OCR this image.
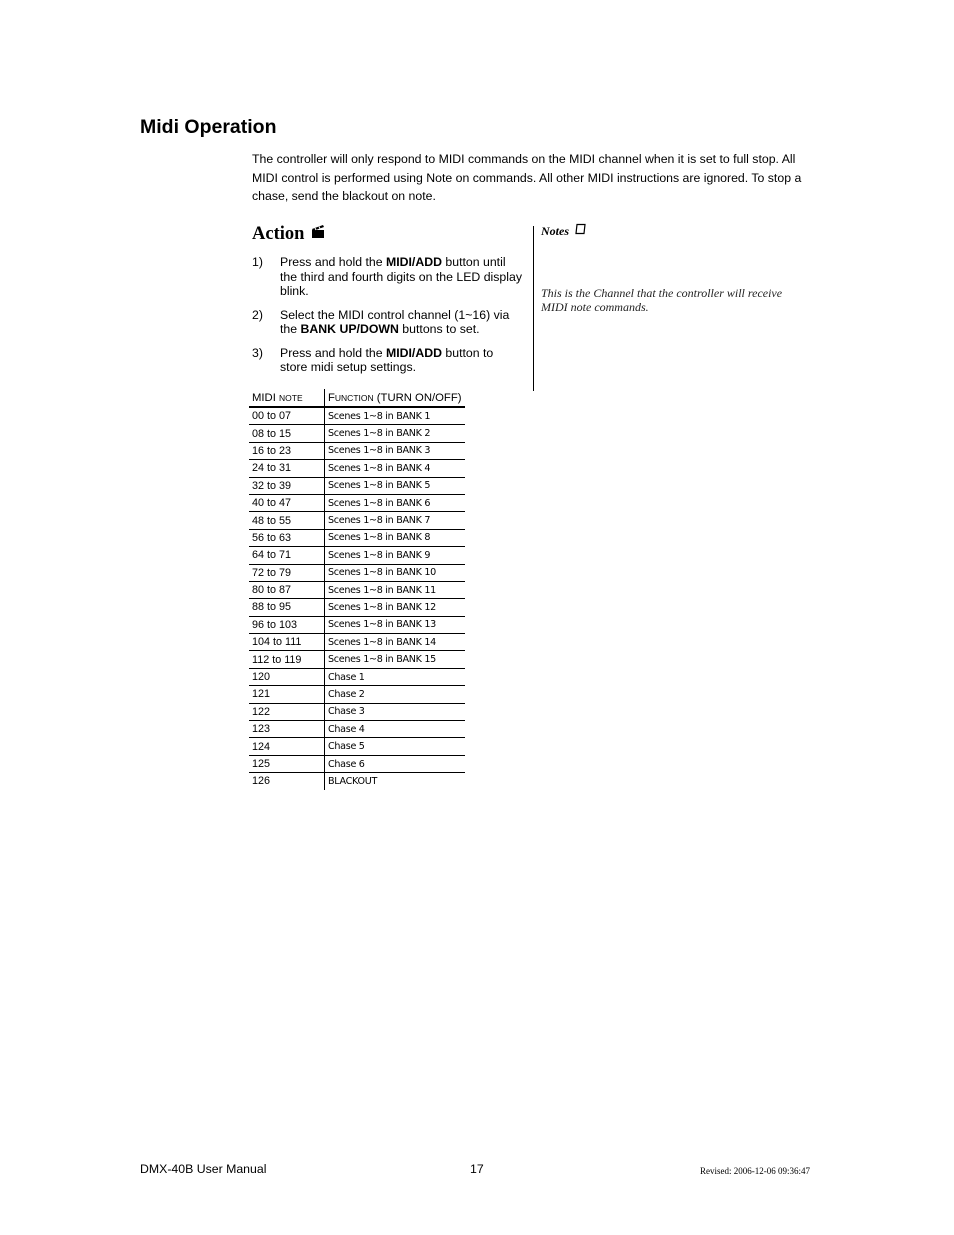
Midi Operation

The controller will only respond to MIDI commands on the MIDI channel when it is set to full stop. All MIDI control is performed using Note on commands. All other MIDI instructions are ignored. To stop a chase, send the blackout on note.

Action
1) Press and hold the MIDI/ADD button until the third and fourth digits on the LED display blink.
2) Select the MIDI control channel (1~16) via the BANK UP/DOWN buttons to set.
3) Press and hold the MIDI/ADD button to store midi setup settings.
Notes

This is the Channel that the controller will receive MIDI note commands.

MIDI NOTE	FUNCTION (TURN ON/OFF)
00 to 07	Scenes 1~8 in BANK 1
08 to 15	Scenes 1~8 in BANK 2
16 to 23	Scenes 1~8 in BANK 3
24 to 31	Scenes 1~8 in BANK 4
32 to 39	Scenes 1~8 in BANK 5
40 to 47	Scenes 1~8 in BANK 6
48 to 55	Scenes 1~8 in BANK 7
56 to 63	Scenes 1~8 in BANK 8
64 to 71	Scenes 1~8 in BANK 9
72 to 79	Scenes 1~8 in BANK 10
80 to 87	Scenes 1~8 in BANK 11
88 to 95	Scenes 1~8 in BANK 12
96 to 103	Scenes 1~8 in BANK 13
104 to 111	Scenes 1~8 in BANK 14
112 to 119	Scenes 1~8 in BANK 15
120	Chase 1
121	Chase 2
122	Chase 3
123	Chase 4
124	Chase 5
125	Chase 6
126	BLACKOUT
DMX-40B User Manual	17	Revised: 2006-12-06 09:36:47
